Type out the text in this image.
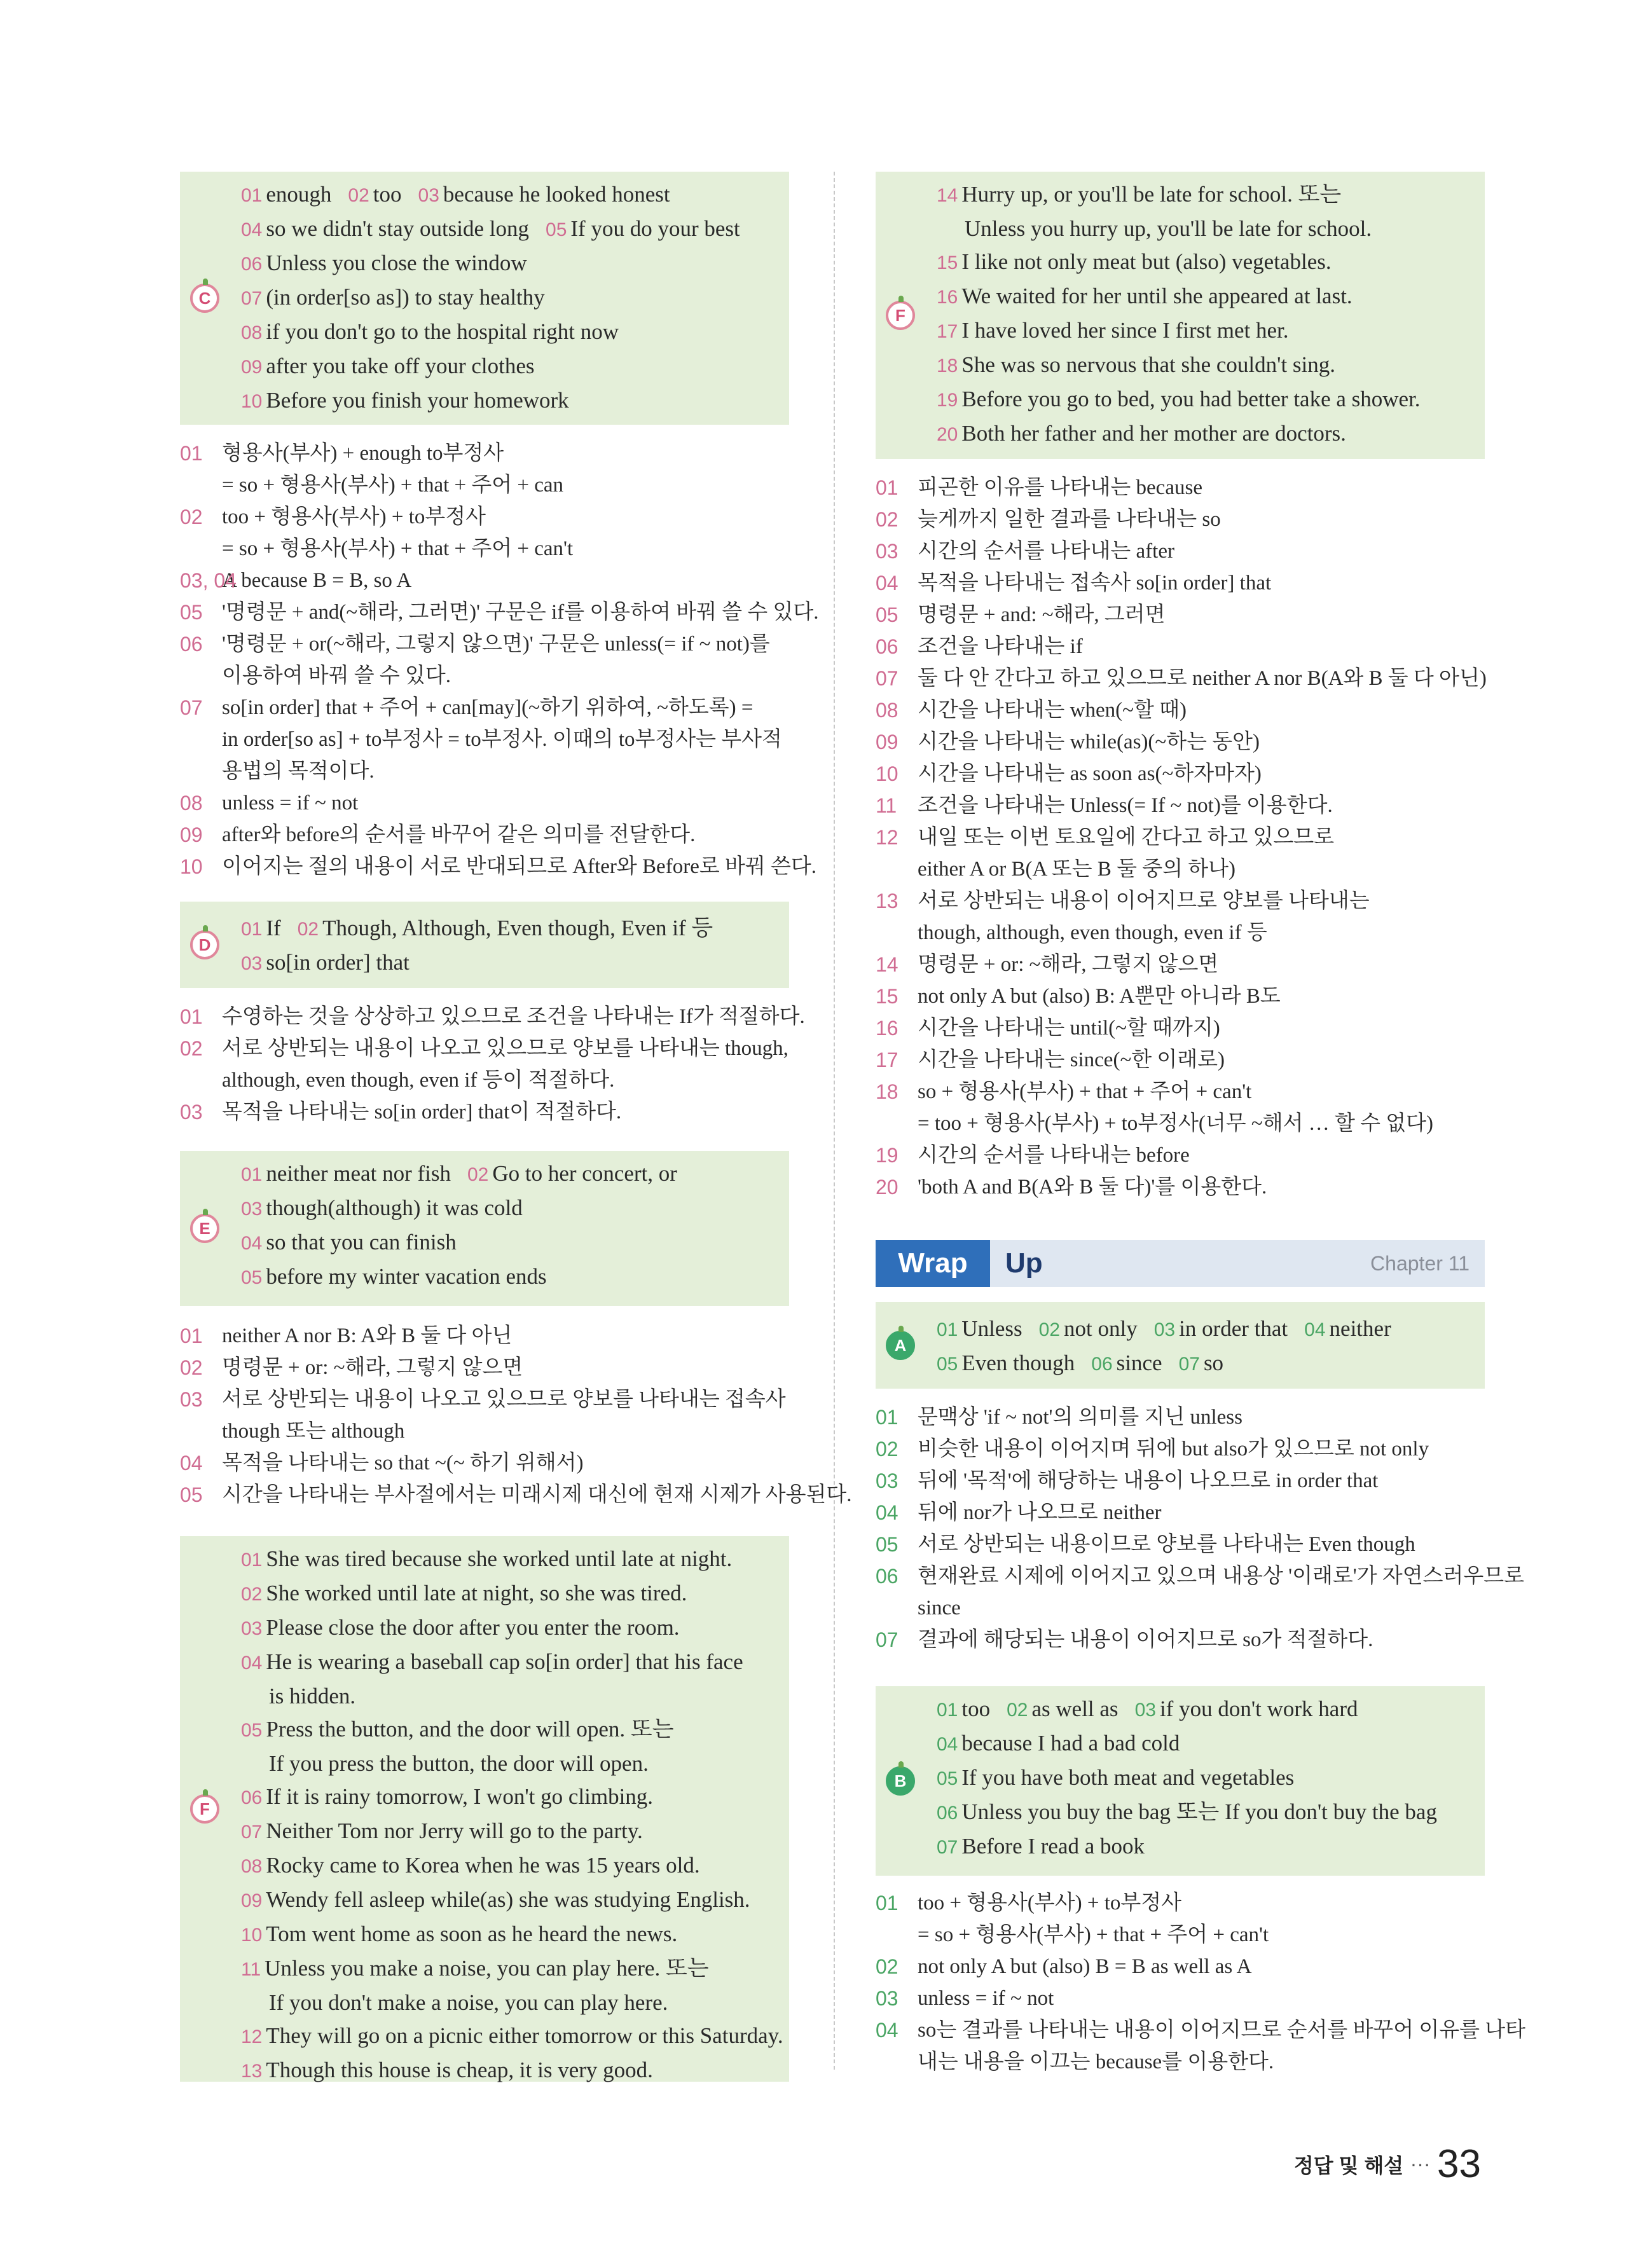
C
01 enough 02 too 03 because he looked honest
04 so we didn't stay outside long 05 If you do your best
06 Unless you close the window
07 (in order[so as]) to stay healthy
08 if you don't go to the hospital right now
09 after you take off your clothes
10 Before you finish your homework
01 형용사(부사) + enough to부정사
= so + 형용사(부사) + that + 주어 + can
02 too + 형용사(부사) + to부정사
= so + 형용사(부사) + that + 주어 + can't
03, 04
A because B = B, so A
05 '명령문 + and(~해라, 그러면)' 구문은 if를 이용하여 바꿔 쓸 수 있다.
06 '명령문 + or(~해라, 그렇지 않으면)' 구문은 unless(= if ~ not)를
이용하여 바꿔 쓸 수 있다.
07 so[in order] that + 주어 + can[may](~하기 위하여, ~하도록) =
in order[so as] + to부정사 = to부정사. 이때의 to부정사는 부사적
용법의 목적이다.
08 unless = if ~ not
09 after와 before의 순서를 바꾸어 같은 의미를 전달한다.
10 이어지는 절의 내용이 서로 반대되므로 After와 Before로 바꿔 쓴다.
D
01 If 02 Though, Although, Even though, Even if 등
03 so[in order] that
01 수영하는 것을 상상하고 있으므로 조건을 나타내는 If가 적절하다.
02 서로 상반되는 내용이 나오고 있으므로 양보를 나타내는 though,
although, even though, even if 등이 적절하다.
03 목적을 나타내는 so[in order] that이 적절하다.
E
01 neither meat nor fish 02 Go to her concert, or
03 though(although) it was cold
04 so that you can finish
05 before my winter vacation ends
01 neither A nor B: A와 B 둘 다 아닌
02 명령문 + or: ~해라, 그렇지 않으면
03 서로 상반되는 내용이 나오고 있으므로 양보를 나타내는 접속사
though 또는 although
04 목적을 나타내는 so that ~(~ 하기 위해서)
05 시간을 나타내는 부사절에서는 미래시제 대신에 현재 시제가 사용된다.
F
01 She was tired because she worked until late at night.
02 She worked until late at night, so she was tired.
03 Please close the door after you enter the room.
04 He is wearing a baseball cap so[in order] that his face
is hidden.
05 Press the button, and the door will open. 또는
If you press the button, the door will open.
06 If it is rainy tomorrow, I won't go climbing.
07 Neither Tom nor Jerry will go to the party.
08 Rocky came to Korea when he was 15 years old.
09 Wendy fell asleep while(as) she was studying English.
10 Tom went home as soon as he heard the news.
11 Unless you make a noise, you can play here. 또는
If you don't make a noise, you can play here.
12 They will go on a picnic either tomorrow or this Saturday.
13 Though this house is cheap, it is very good.
F
14 Hurry up, or you'll be late for school. 또는
Unless you hurry up, you'll be late for school.
15 I like not only meat but (also) vegetables.
16 We waited for her until she appeared at last.
17 I have loved her since I first met her.
18 She was so nervous that she couldn't sing.
19 Before you go to bed, you had better take a shower.
20 Both her father and her mother are doctors.
01 피곤한 이유를 나타내는 because
02 늦게까지 일한 결과를 나타내는 so
03 시간의 순서를 나타내는 after
04 목적을 나타내는 접속사 so[in order] that
05 명령문 + and: ~해라, 그러면
06 조건을 나타내는 if
07 둘 다 안 간다고 하고 있으므로 neither A nor B(A와 B 둘 다 아닌)
08 시간을 나타내는 when(~할 때)
09 시간을 나타내는 while(as)(~하는 동안)
10 시간을 나타내는 as soon as(~하자마자)
11 조건을 나타내는 Unless(= If ~ not)를 이용한다.
12 내일 또는 이번 토요일에 간다고 하고 있으므로
either A or B(A 또는 B 둘 중의 하나)
13 서로 상반되는 내용이 이어지므로 양보를 나타내는
though, although, even though, even if 등
14 명령문 + or: ~해라, 그렇지 않으면
15 not only A but (also) B: A뿐만 아니라 B도
16 시간을 나타내는 until(~할 때까지)
17 시간을 나타내는 since(~한 이래로)
18 so + 형용사(부사) + that + 주어 + can't
= too + 형용사(부사) + to부정사(너무 ~해서 … 할 수 없다)
19 시간의 순서를 나타내는 before
20 'both A and B(A와 B 둘 다)'를 이용한다.
Wrap	Up	Chapter 11
A
01 Unless 02 not only 03 in order that 04 neither
05 Even though 06 since 07 so
01 문맥상 'if ~ not'의 의미를 지닌 unless
02 비슷한 내용이 이어지며 뒤에 but also가 있으므로 not only
03 뒤에 '목적'에 해당하는 내용이 나오므로 in order that
04 뒤에 nor가 나오므로 neither
05 서로 상반되는 내용이므로 양보를 나타내는 Even though
06 현재완료 시제에 이어지고 있으며 내용상 '이래로'가 자연스러우므로
since
07 결과에 해당되는 내용이 이어지므로 so가 적절하다.
B
01 too 02 as well as 03 if you don't work hard
04 because I had a bad cold
05 If you have both meat and vegetables
06 Unless you buy the bag 또는 If you don't buy the bag
07 Before I read a book
01 too + 형용사(부사) + to부정사
= so + 형용사(부사) + that + 주어 + can't
02 not only A but (also) B = B as well as A
03 unless = if ~ not
04 so는 결과를 나타내는 내용이 이어지므로 순서를 바꾸어 이유를 나타
내는 내용을 이끄는 because를 이용한다.
정답 및 해설 ··· 33
